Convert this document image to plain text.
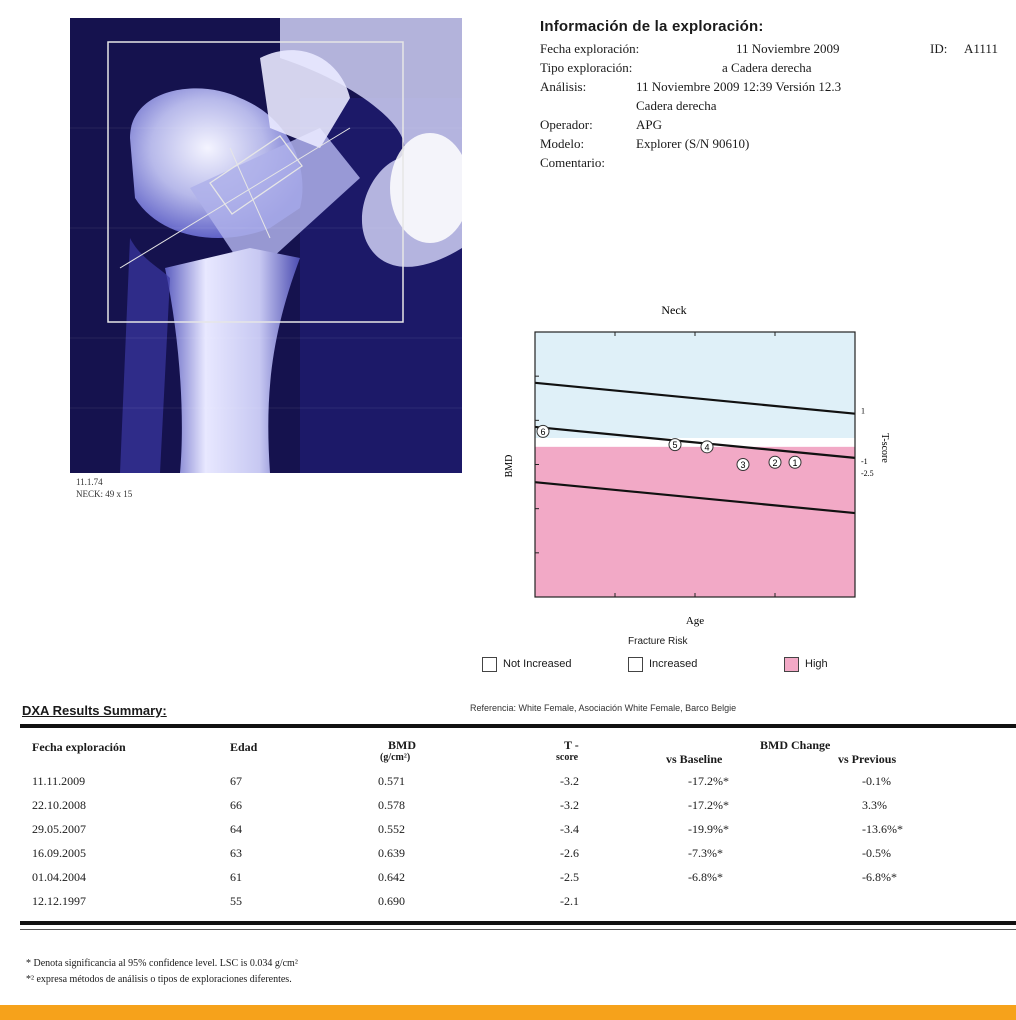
11.1.74
NECK: 49 x 15
Información de la exploración:
Fecha exploración:	11 Noviembre 2009	ID: A1111
Tipo exploración:	a Cadera derecha
Análisis:	11 Noviembre 2009 12:39 Versión 12.3
Cadera derecha
Operador:	APG
Modelo:	Explorer (S/N 90610)
Comentario:
Neck
6
5	4
3	2 1
1
-1
-2.5
BMD
T-score
Age
Fracture Risk
Not Increased	Increased	High
Referencia: White Female, Asociación White Female, Barco Belgie
DXA Results Summary:
Fecha exploración	Edad	BMD
(g/cm²)
T -
score
BMD Change
vs Baseline	vs Previous
11.11.2009	67	0.571	-3.2	-17.2%*	-0.1%
22.10.2008	66	0.578	-3.2	-17.2%*	3.3%
29.05.2007	64	0.552	-3.4	-19.9%*	-13.6%*
16.09.2005	63	0.639	-2.6	-7.3%*	-0.5%
01.04.2004	61	0.642	-2.5	-6.8%*	-6.8%*
12.12.1997	55	0.690	-2.1
* Denota significancia al 95% confidence level. LSC is 0.034 g/cm²
*² expresa métodos de análisis o tipos de exploraciones diferentes.
